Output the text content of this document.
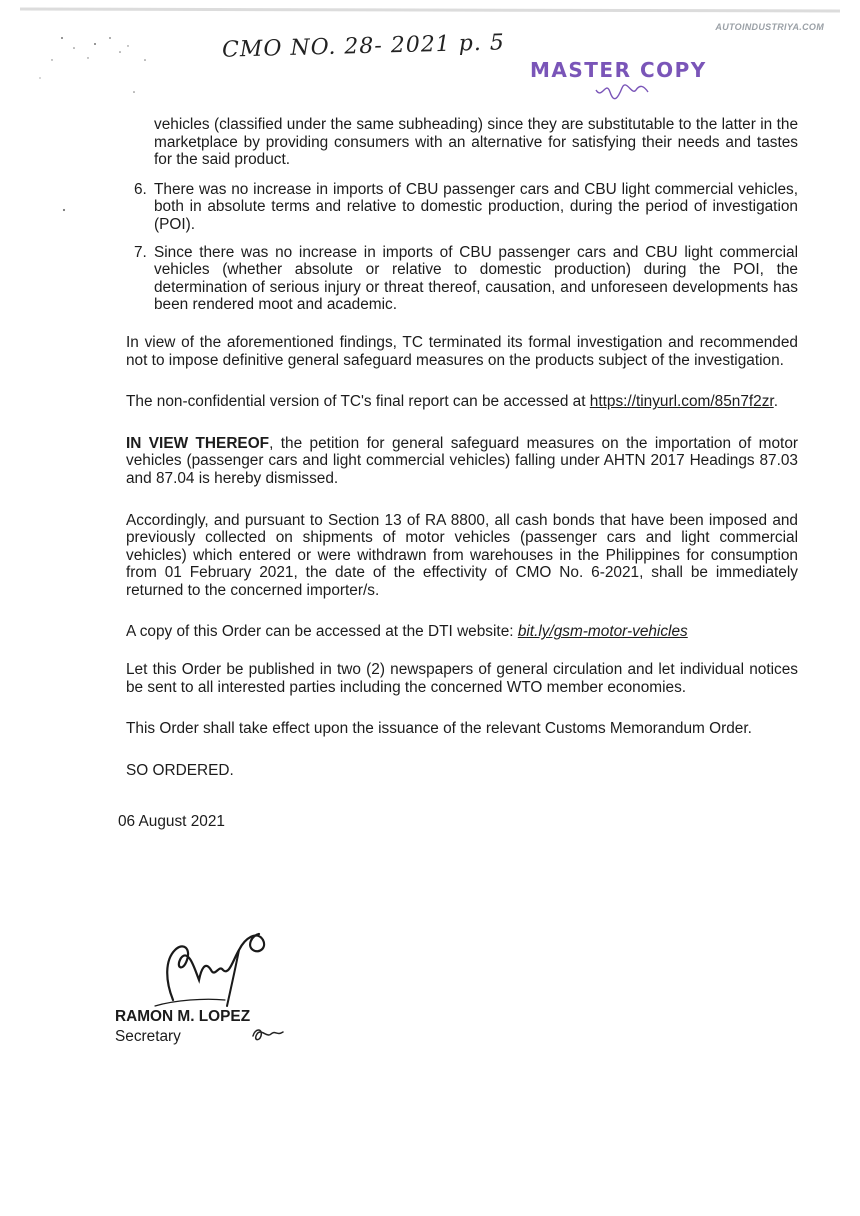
AUTOINDUSTRIYA.COM
CMO NO. 28- 2021 p. 5
MASTER COPY
vehicles (classified under the same subheading) since they are substitutable to the latter in the marketplace by providing consumers with an alternative for satisfying their needs and tastes for the said product.
6. There was no increase in imports of CBU passenger cars and CBU light commercial vehicles, both in absolute terms and relative to domestic production, during the period of investigation (POI).
7. Since there was no increase in imports of CBU passenger cars and CBU light commercial vehicles (whether absolute or relative to domestic production) during the POI, the determination of serious injury or threat thereof, causation, and unforeseen developments has been rendered moot and academic.

In view of the aforementioned findings, TC terminated its formal investigation and recommended not to impose definitive general safeguard measures on the products subject of the investigation.

The non-confidential version of TC's final report can be accessed at https://tinyurl.com/85n7f2zr.

IN VIEW THEREOF, the petition for general safeguard measures on the importation of motor vehicles (passenger cars and light commercial vehicles) falling under AHTN 2017 Headings 87.03 and 87.04 is hereby dismissed.

Accordingly, and pursuant to Section 13 of RA 8800, all cash bonds that have been imposed and previously collected on shipments of motor vehicles (passenger cars and light commercial vehicles) which entered or were withdrawn from warehouses in the Philippines for consumption from 01 February 2021, the date of the effectivity of CMO No. 6-2021, shall be immediately returned to the concerned importer/s.

A copy of this Order can be accessed at the DTI website: bit.ly/gsm-motor-vehicles

Let this Order be published in two (2) newspapers of general circulation and let individual notices be sent to all interested parties including the concerned WTO member economies.

This Order shall take effect upon the issuance of the relevant Customs Memorandum Order.

SO ORDERED.

06 August 2021

RAMON M. LOPEZ
Secretary
